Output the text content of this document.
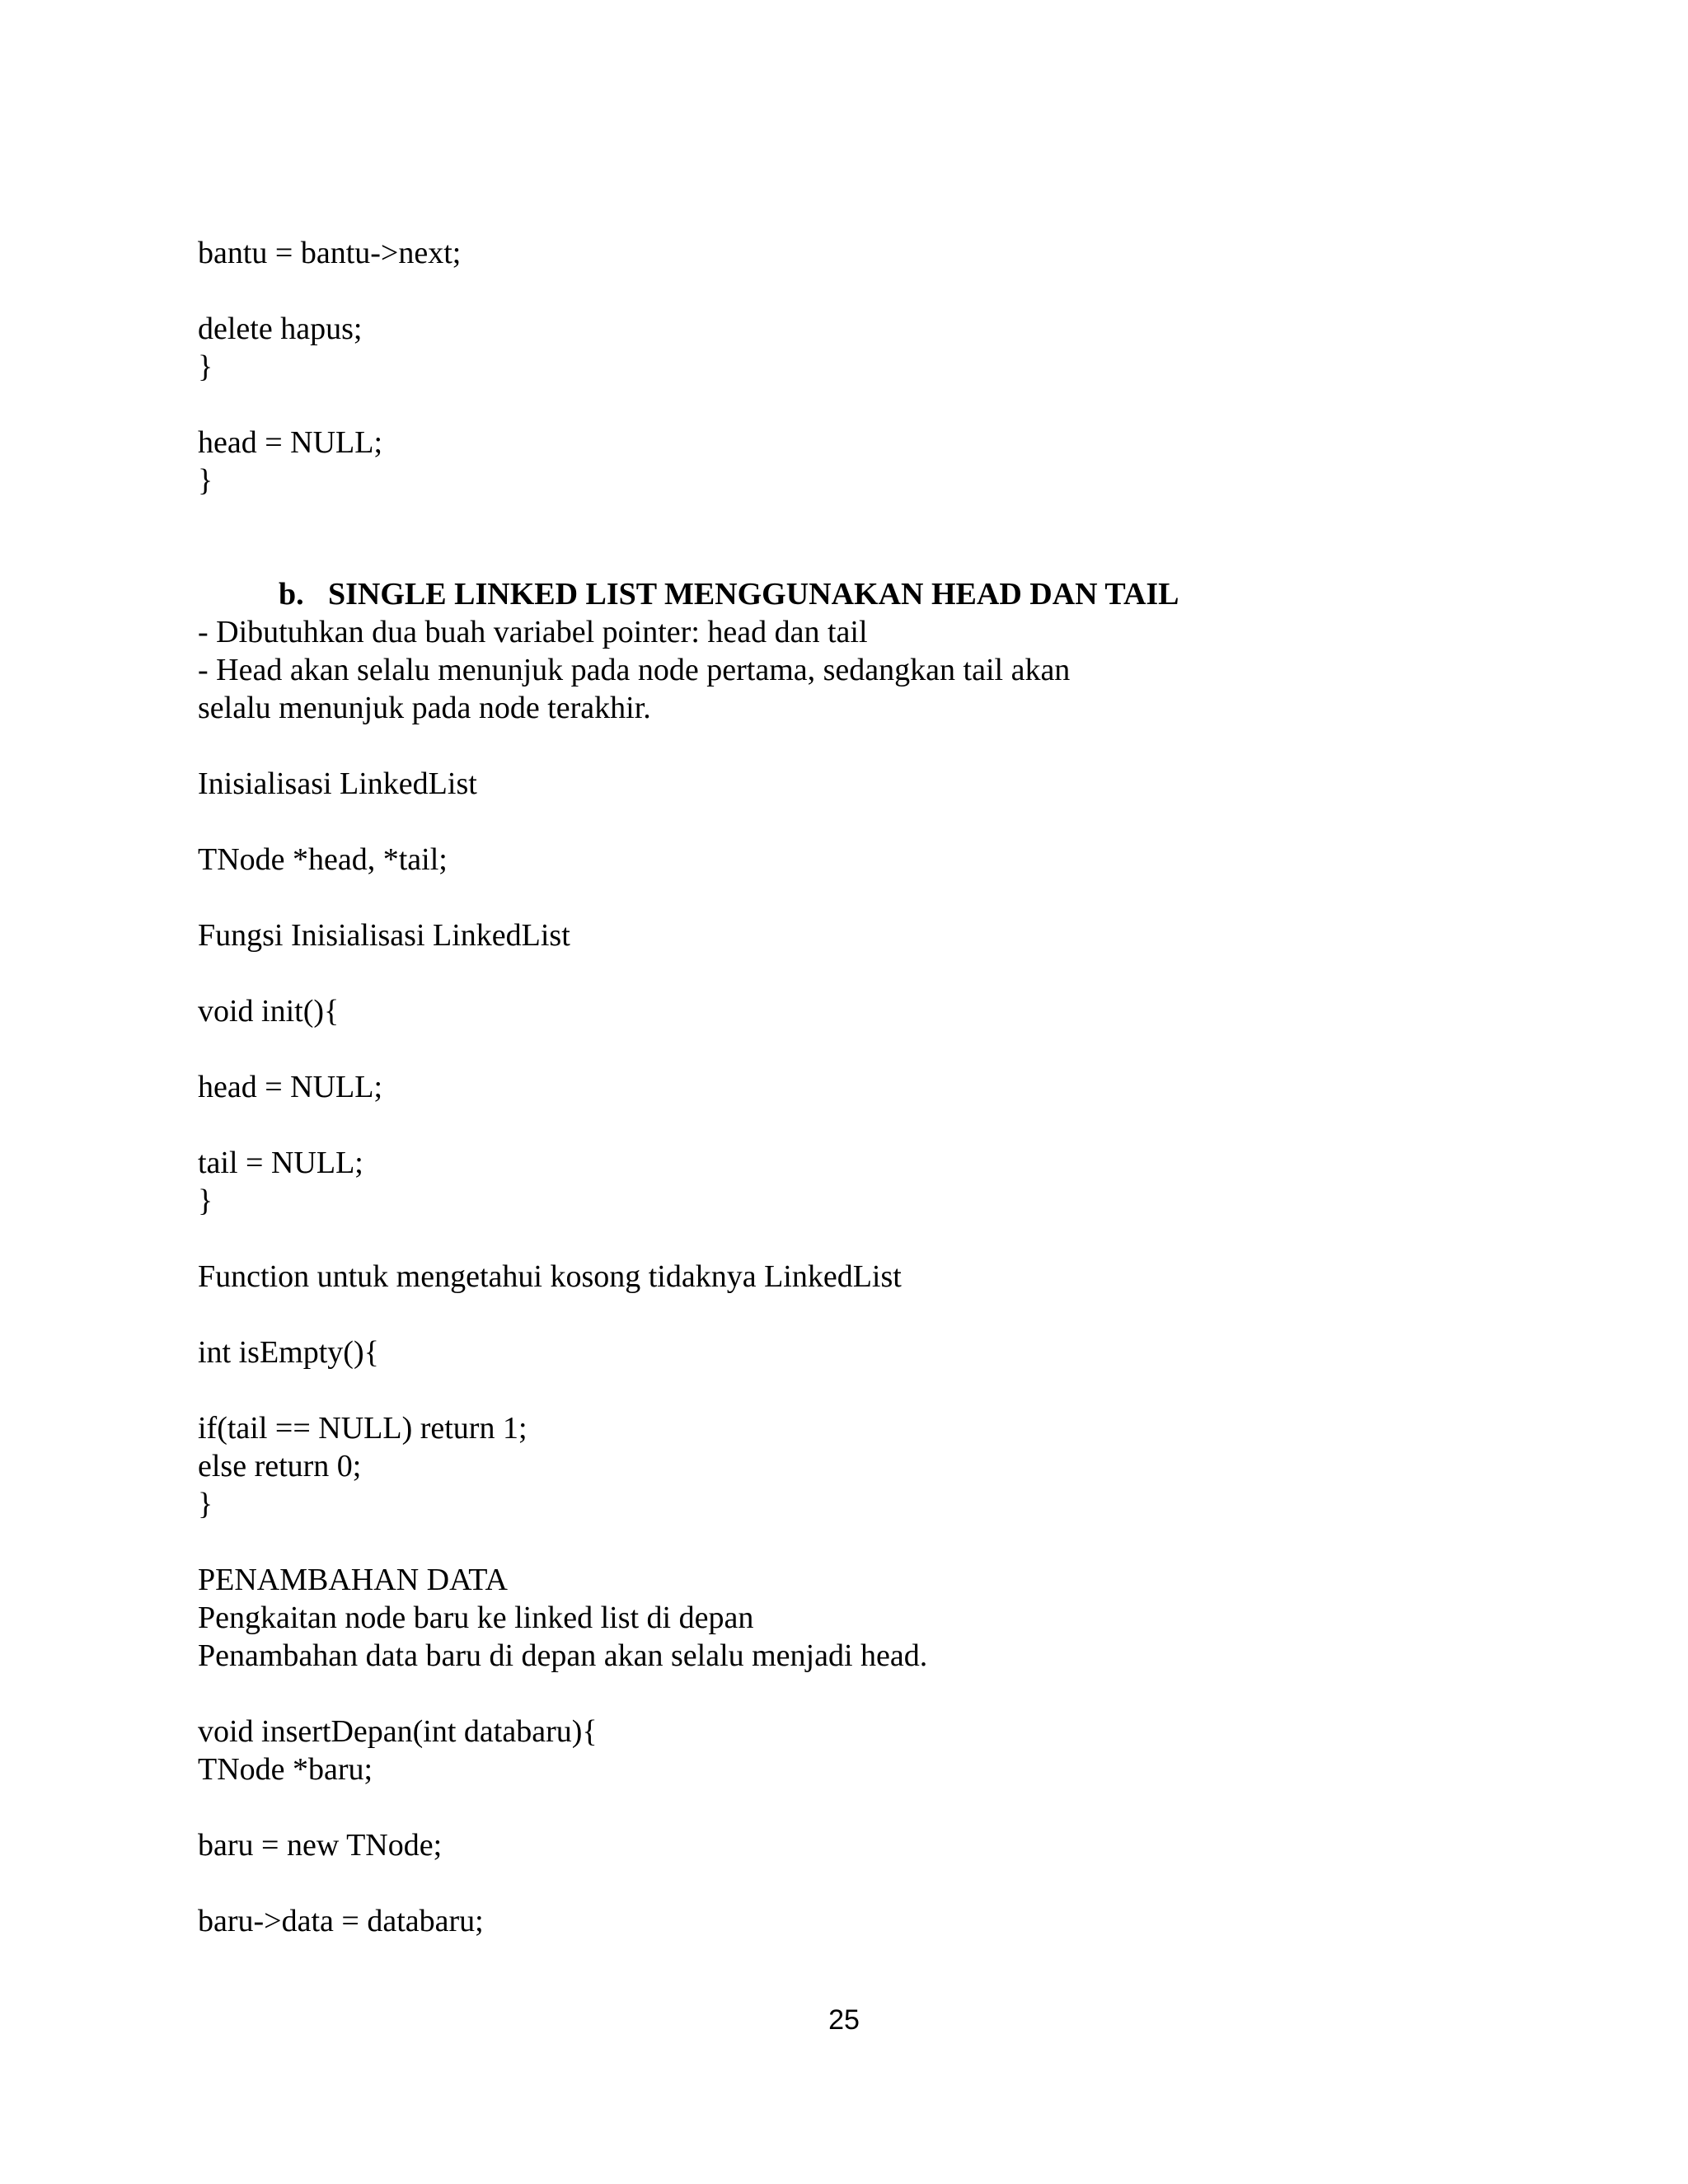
bantu = bantu->next;
delete hapus;
}
head = NULL;
}

b. SINGLE LINKED LIST MENGGUNAKAN HEAD DAN TAIL

- Dibutuhkan dua buah variabel pointer: head dan tail
- Head akan selalu menunjuk pada node pertama, sedangkan tail akan
selalu menunjuk pada node terakhir.
Inisialisasi LinkedList
TNode *head, *tail;
Fungsi Inisialisasi LinkedList
void init(){
head = NULL;
tail = NULL;
}
Function untuk mengetahui kosong tidaknya LinkedList
int isEmpty(){
if(tail == NULL) return 1;
else return 0;
}
PENAMBAHAN DATA
Pengkaitan node baru ke linked list di depan
Penambahan data baru di depan akan selalu menjadi head.
void insertDepan(int databaru){
TNode *baru;
baru = new TNode;
baru->data = databaru;
25
